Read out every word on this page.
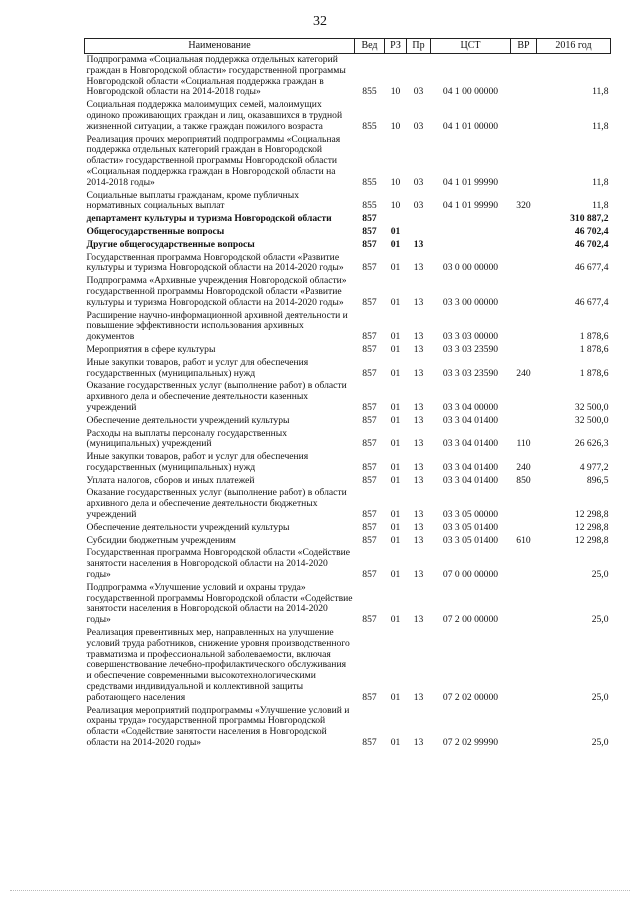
32
Наименование	Вед	РЗ	Пр	ЦСТ	ВР	2016 год
Подпрограмма «Социальная поддержка отдельных категорий граждан в Новгородской области» государственной программы Новгородской области «Социальная поддержка граждан в Новгородской области на 2014-2018 годы»	855	10	03	04 1 00 00000		11,8
Социальная поддержка малоимущих семей, малоимущих одиноко проживающих граждан и лиц, оказавшихся в трудной жизненной ситуации, а также граждан пожилого возраста	855	10	03	04 1 01 00000		11,8
Реализация прочих мероприятий подпрограммы «Социальная поддержка отдельных категорий граждан в Новгородской области» государственной программы Новгородской области «Социальная поддержка граждан в Новгородской области на 2014-2018 годы»	855	10	03	04 1 01 99990		11,8
Социальные выплаты гражданам, кроме публичных нормативных социальных выплат	855	10	03	04 1 01 99990	320	11,8
департамент культуры и туризма Новгородской области	857					310 887,2
Общегосударственные вопросы	857	01				46 702,4
Другие общегосударственные вопросы	857	01	13			46 702,4
Государственная программа Новгородской области «Развитие культуры и туризма Новгородской области на 2014-2020 годы»	857	01	13	03 0 00 00000		46 677,4
Подпрограмма «Архивные учреждения Новгородской области» государственной программы Новгородской области «Развитие культуры и туризма Новгородской области на 2014-2020 годы»	857	01	13	03 3 00 00000		46 677,4
Расширение научно-информационной архивной деятельности и повышение эффективности использования архивных документов	857	01	13	03 3 03 00000		1 878,6
Мероприятия в сфере культуры	857	01	13	03 3 03 23590		1 878,6
Иные закупки товаров, работ и услуг для обеспечения государственных (муниципальных) нужд	857	01	13	03 3 03 23590	240	1 878,6
Оказание государственных услуг (выполнение работ) в области архивного дела и обеспечение деятельности казенных учреждений	857	01	13	03 3 04 00000		32 500,0
Обеспечение деятельности учреждений культуры	857	01	13	03 3 04 01400		32 500,0
Расходы на выплаты персоналу государственных (муниципальных) учреждений	857	01	13	03 3 04 01400	110	26 626,3
Иные закупки товаров, работ и услуг для обеспечения государственных (муниципальных) нужд	857	01	13	03 3 04 01400	240	4 977,2
Уплата налогов, сборов и иных платежей	857	01	13	03 3 04 01400	850	896,5
Оказание государственных услуг (выполнение работ) в области архивного дела и обеспечение деятельности бюджетных учреждений	857	01	13	03 3 05 00000		12 298,8
Обеспечение деятельности учреждений культуры	857	01	13	03 3 05 01400		12 298,8
Субсидии бюджетным учреждениям	857	01	13	03 3 05 01400	610	12 298,8
Государственная программа Новгородской области «Содействие занятости населения в Новгородской области на 2014-2020 годы»	857	01	13	07 0 00 00000		25,0
Подпрограмма «Улучшение условий и охраны труда» государственной программы Новгородской области «Содействие занятости населения в Новгородской области на 2014-2020 годы»	857	01	13	07 2 00 00000		25,0
Реализация превентивных мер, направленных на улучшение условий труда работников, снижение уровня производственного травматизма и профессиональной заболеваемости, включая совершенствование лечебно-профилактического обслуживания и обеспечение современными высокотехнологическими средствами индивидуальной и коллективной защиты работающего населения	857	01	13	07 2 02 00000		25,0
Реализация мероприятий подпрограммы «Улучшение условий и охраны труда» государственной программы Новгородской области «Содействие занятости населения в Новгородской области на 2014-2020 годы»	857	01	13	07 2 02 99990		25,0
